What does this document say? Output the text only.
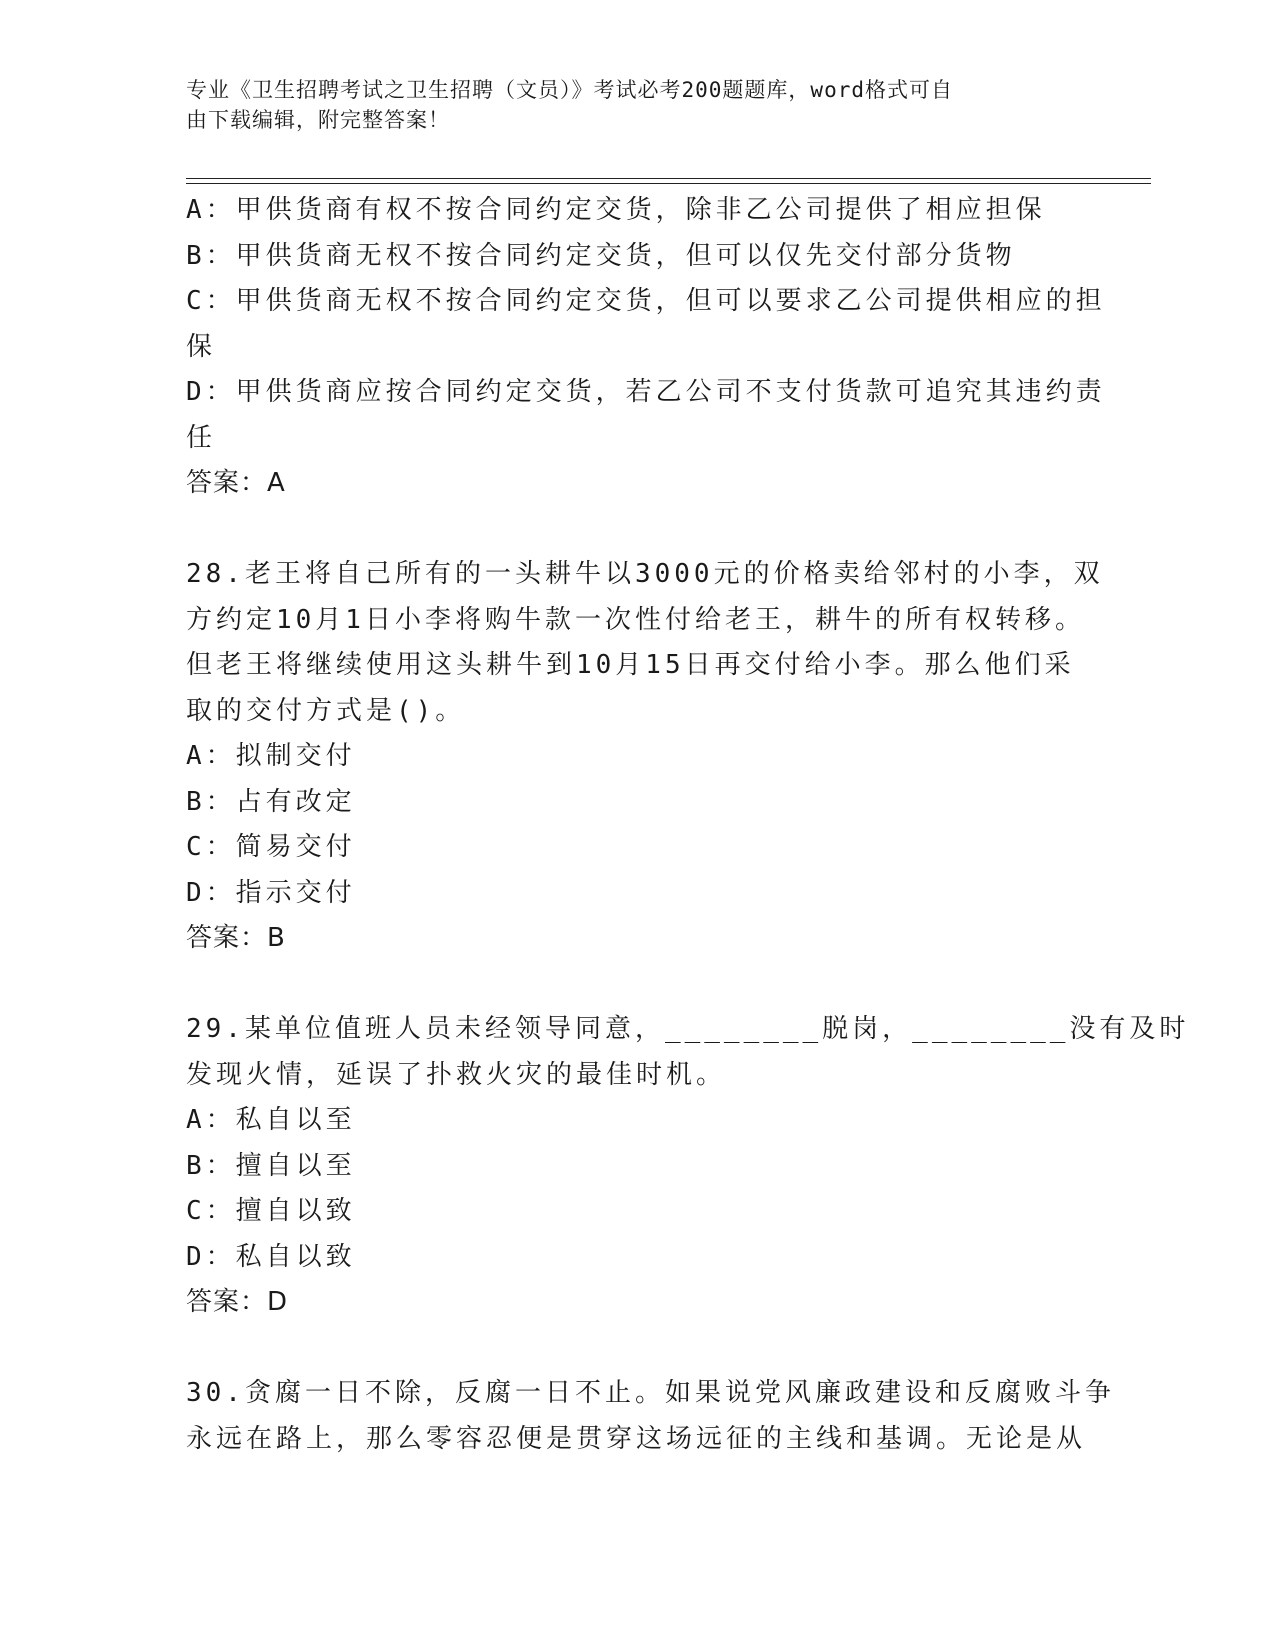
专业《卫生招聘考试之卫生招聘（文员）》考试必考200题题库，word格式可自
由下载编辑，附完整答案！
A：甲供货商有权不按合同约定交货，除非乙公司提供了相应担保
B：甲供货商无权不按合同约定交货，但可以仅先交付部分货物
C：甲供货商无权不按合同约定交货，但可以要求乙公司提供相应的担
保
D：甲供货商应按合同约定交货，若乙公司不支付货款可追究其违约责
任
答案：A
28.老王将自己所有的一头耕牛以3000元的价格卖给邻村的小李，双
方约定10月1日小李将购牛款一次性付给老王，耕牛的所有权转移。
但老王将继续使用这头耕牛到10月15日再交付给小李。那么他们采
取的交付方式是()。
A：拟制交付
B：占有改定
C：简易交付
D：指示交付
答案：B
29.某单位值班人员未经领导同意，________脱岗，________没有及时
发现火情，延误了扑救火灾的最佳时机。
A：私自以至
B：擅自以至
C：擅自以致
D：私自以致
答案：D
30.贪腐一日不除，反腐一日不止。如果说党风廉政建设和反腐败斗争
永远在路上，那么零容忍便是贯穿这场远征的主线和基调。无论是从
